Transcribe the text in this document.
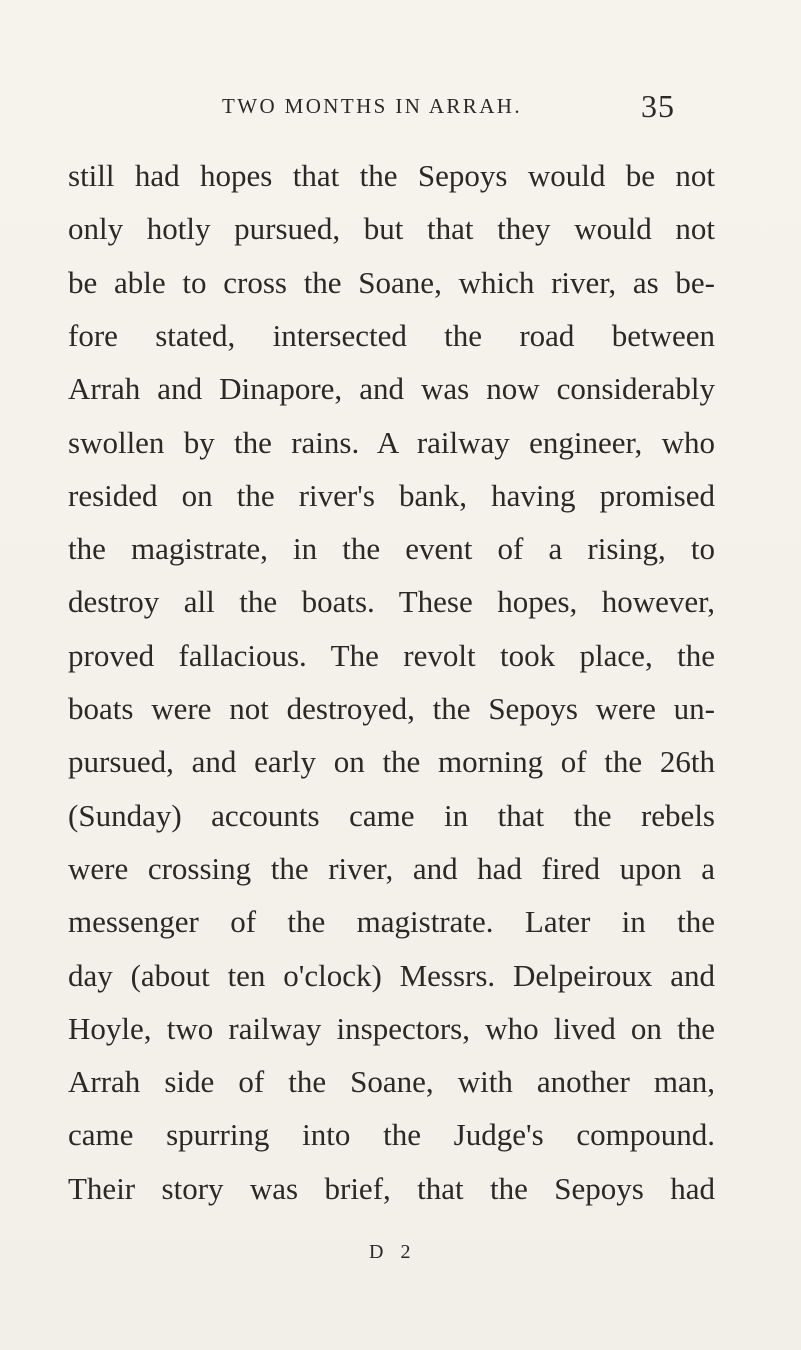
TWO MONTHS IN ARRAH.	35
still had hopes that the Sepoys would be not
only hotly pursued, but that they would not
be able to cross the Soane, which river, as be-
fore stated, intersected the road between
Arrah and Dinapore, and was now considerably
swollen by the rains. A railway engineer, who
resided on the river's bank, having promised
the magistrate, in the event of a rising, to
destroy all the boats. These hopes, however,
proved fallacious. The revolt took place, the
boats were not destroyed, the Sepoys were un-
pursued, and early on the morning of the 26th
(Sunday) accounts came in that the rebels
were crossing the river, and had fired upon a
messenger of the magistrate. Later in the
day (about ten o'clock) Messrs. Delpeiroux and
Hoyle, two railway inspectors, who lived on the
Arrah side of the Soane, with another man,
came spurring into the Judge's compound.
Their story was brief, that the Sepoys had
D 2
